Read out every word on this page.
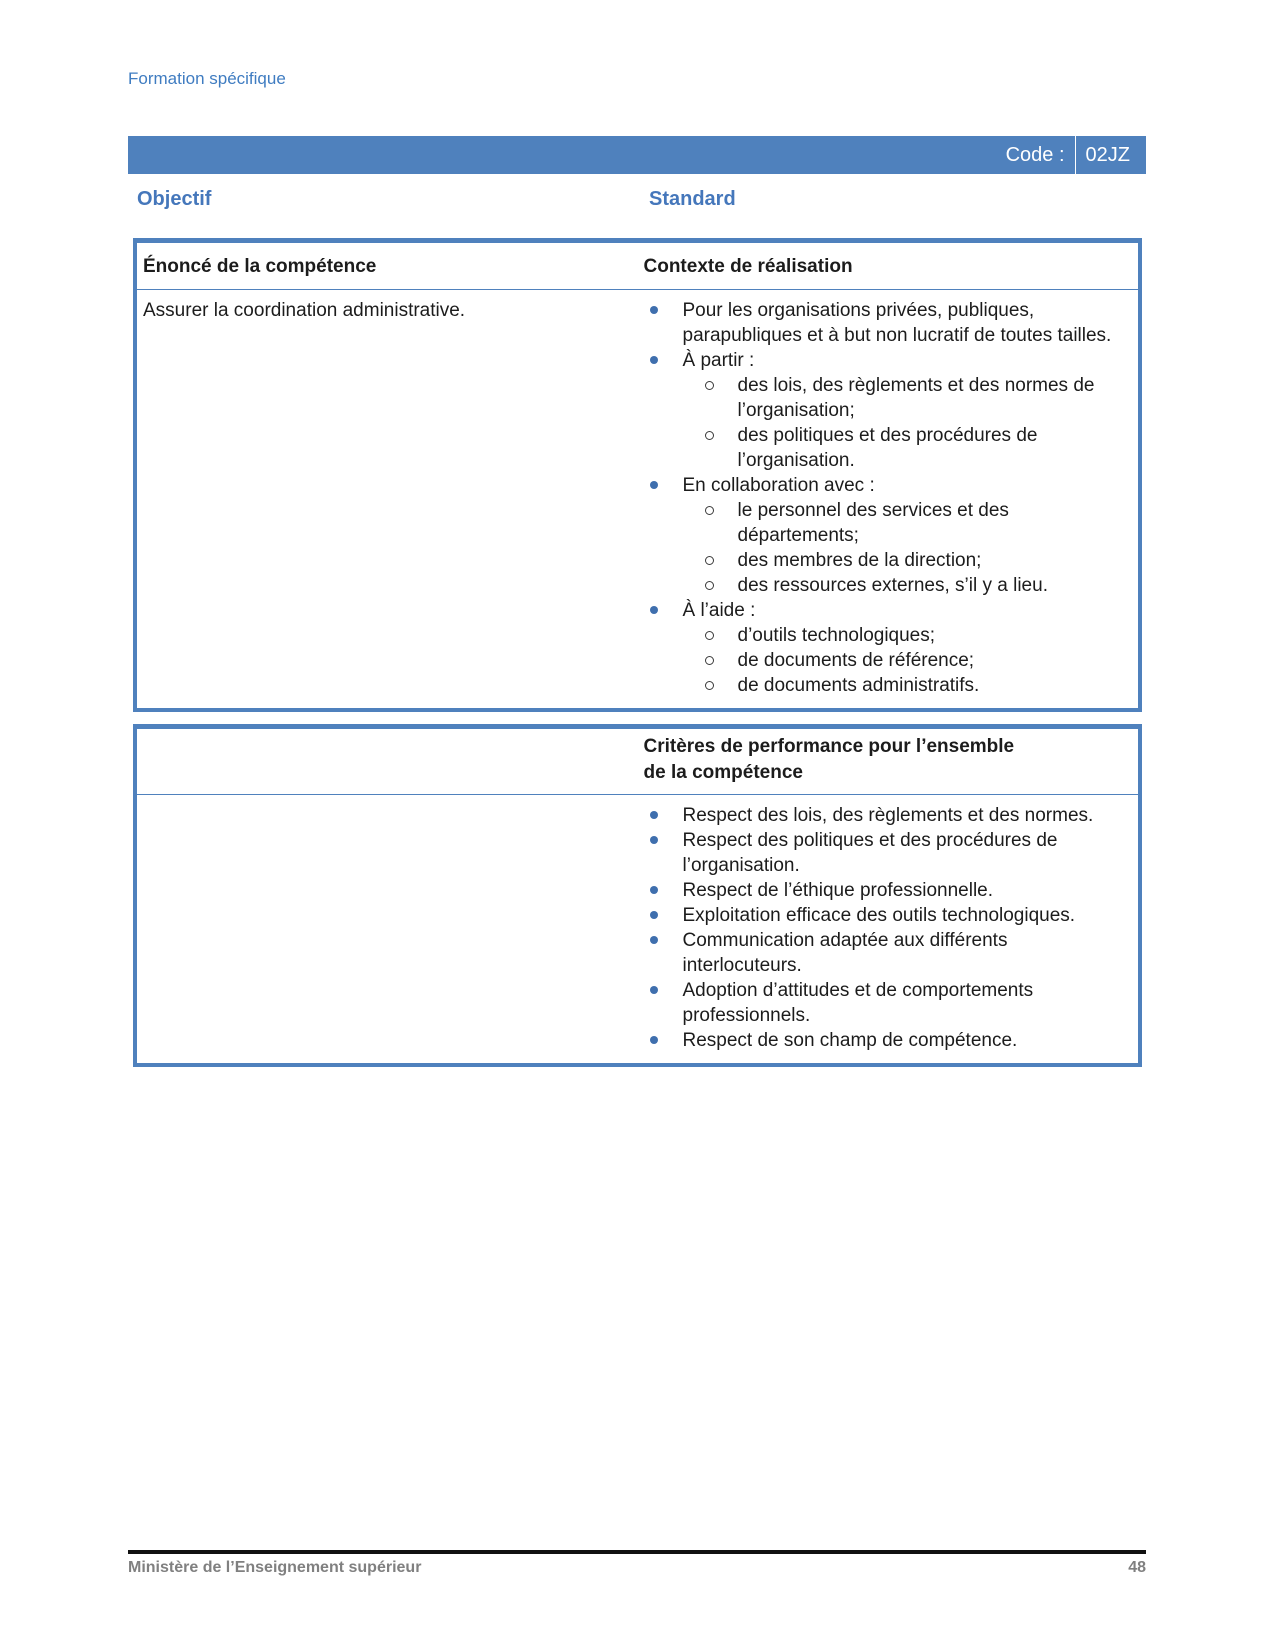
Formation spécifique
Code : 02JZ
Objectif	Standard
Énoncé de la compétence	Contexte de réalisation
Assurer la coordination administrative.	Pour les organisations privées, publiques, parapubliques et à but non lucratif de toutes tailles.
À partir :
des lois, des règlements et des normes de l’organisation;
des politiques et des procédures de l’organisation.
En collaboration avec :
le personnel des services et des départements;
des membres de la direction;
des ressources externes, s’il y a lieu.
À l’aide :
d’outils technologiques;
de documents de référence;
de documents administratifs.
Critères de performance pour l’ensemble
de la compétence
Respect des lois, des règlements et des normes.
Respect des politiques et des procédures de l’organisation.
Respect de l’éthique professionnelle.
Exploitation efficace des outils technologiques.
Communication adaptée aux différents interlocuteurs.
Adoption d’attitudes et de comportements professionnels.
Respect de son champ de compétence.
Ministère de l’Enseignement supérieur	48
